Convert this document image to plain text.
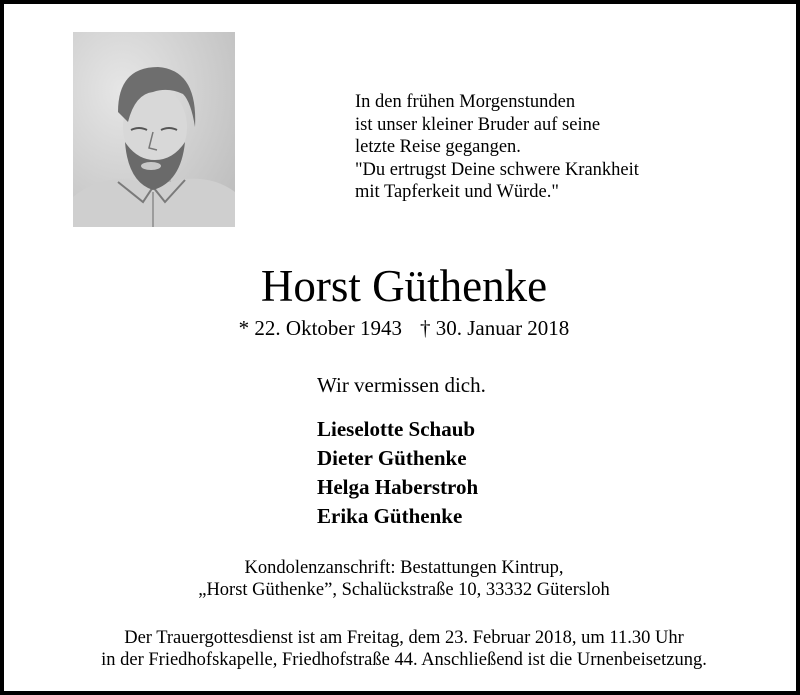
In den frühen Morgenstunden
ist unser kleiner Bruder auf seine
letzte Reise gegangen.
"Du ertrugst Deine schwere Krankheit
mit Tapferkeit und Würde."
Horst Güthenke
* 22. Oktober 1943 † 30. Januar 2018
Wir vermissen dich.
Lieselotte Schaub
Dieter Güthenke
Helga Haberstroh
Erika Güthenke
Kondolenzanschrift: Bestattungen Kintrup,
„Horst Güthenke”, Schalückstraße 10, 33332 Gütersloh
Der Trauergottesdienst ist am Freitag, dem 23. Februar 2018, um 11.30 Uhr
in der Friedhofskapelle, Friedhofstraße 44. Anschließend ist die Urnenbeisetzung.
